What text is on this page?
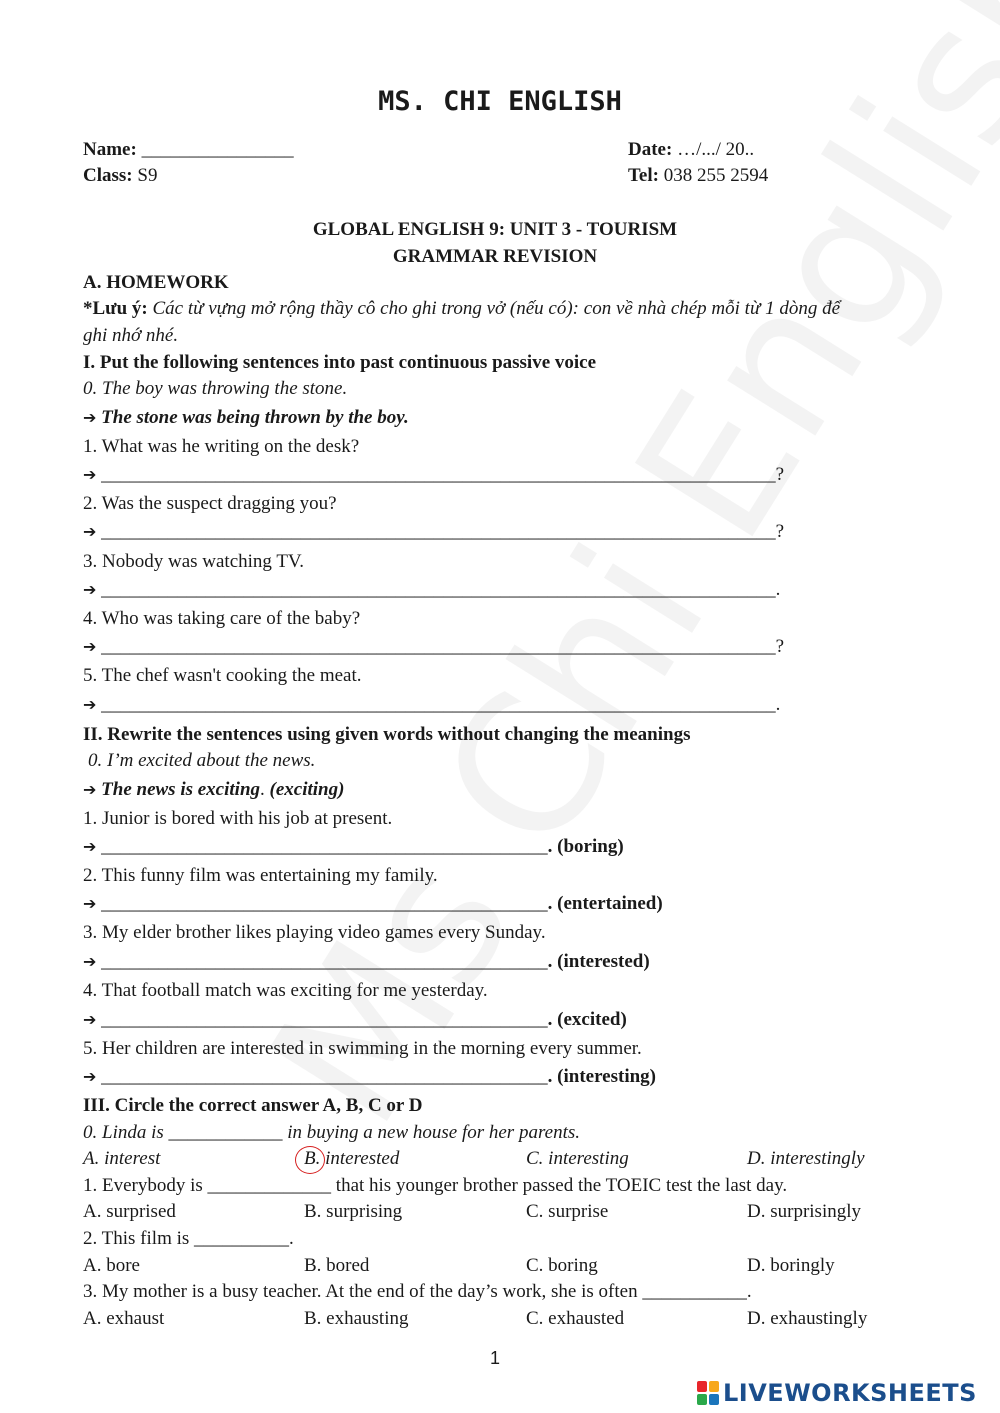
MS. CHI ENGLISH
Name: ________________	Date: …/.../ 20..
Class: S9	Tel: 038 255 2594
GLOBAL ENGLISH 9: UNIT 3 - TOURISM
GRAMMAR REVISION
A. HOMEWORK
*Lưu ý: Các từ vựng mở rộng thầy cô cho ghi trong vở (nếu có): con về nhà chép mỗi từ 1 dòng để
ghi nhớ nhé.
I. Put the following sentences into past continuous passive voice
0. The boy was throwing the stone.
➔ The stone was being thrown by the boy.
1. What was he writing on the desk?
➔ _______________________________________________________________________?
2. Was the suspect dragging you?
➔ _______________________________________________________________________?
3. Nobody was watching TV.
➔ _______________________________________________________________________.
4. Who was taking care of the baby?
➔ _______________________________________________________________________?
5. The chef wasn't cooking the meat.
➔ _______________________________________________________________________.
II. Rewrite the sentences using given words without changing the meanings
0. I’m excited about the news.
➔ The news is exciting. (exciting)
1. Junior is bored with his job at present.
➔ _______________________________________________. (boring)
2. This funny film was entertaining my family.
➔ _______________________________________________. (entertained)
3. My elder brother likes playing video games every Sunday.
➔ _______________________________________________. (interested)
4. That football match was exciting for me yesterday.
➔ _______________________________________________. (excited)
5. Her children are interested in swimming in the morning every summer.
➔ _______________________________________________. (interesting)
III. Circle the correct answer A, B, C or D
0. Linda is ____________ in buying a new house for her parents.
A. interest	B. interested	C. interesting	D. interestingly
1. Everybody is _____________ that his younger brother passed the TOEIC test the last day.
A. surprised	B. surprising	C. surprise	D. surprisingly
2. This film is __________.
A. bore	B. bored	C. boring	D. boringly
3. My mother is a busy teacher. At the end of the day’s work, she is often ___________.
A. exhaust	B. exhausting	C. exhausted	D. exhaustingly
1
LIVEWORKSHEETS
